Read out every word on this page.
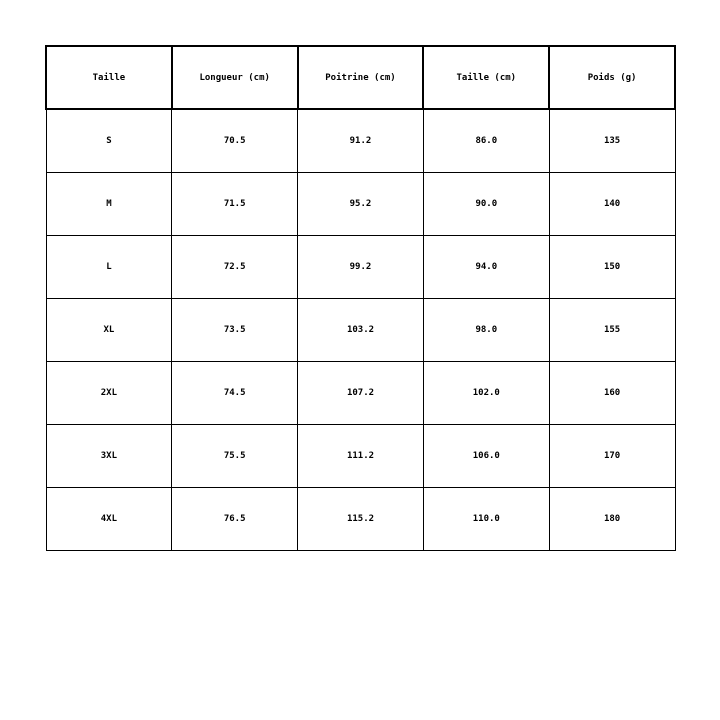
Taille	Longueur (cm)	Poitrine (cm)	Taille (cm)	Poids (g)
S	70.5	91.2	86.0	135
M	71.5	95.2	90.0	140
L	72.5	99.2	94.0	150
XL	73.5	103.2	98.0	155
2XL	74.5	107.2	102.0	160
3XL	75.5	111.2	106.0	170
4XL	76.5	115.2	110.0	180
